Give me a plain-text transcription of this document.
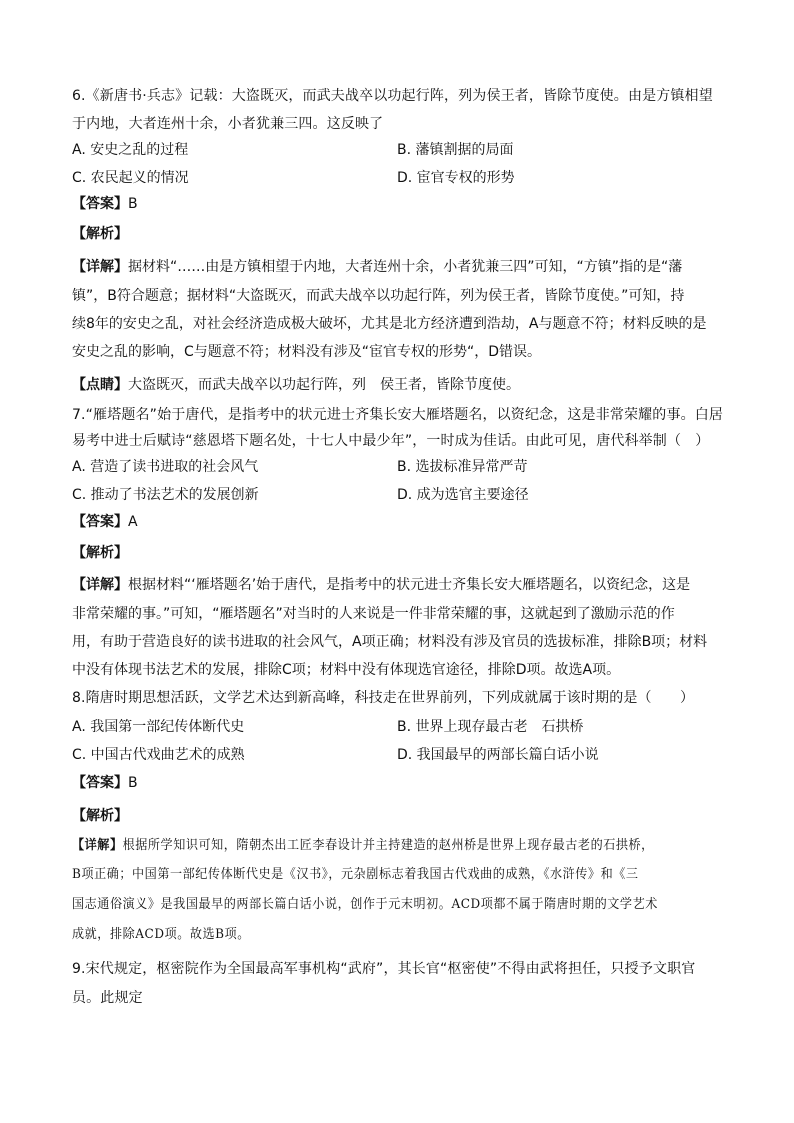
6.《新唐书·兵志》记载：大盗既灭，而武夫战卒以功起行阵，列为侯王者，皆除节度使。由是方镇相望
于内地，大者连州十余，小者犹兼三四。这反映了
A. 安史之乱的过程	B. 藩镇割据的局面
C. 农民起义的情况	D. 宦官专权的形势
【答案】B
【解析】
【详解】据材料“……由是方镇相望于内地，大者连州十余，小者犹兼三四”可知，“方镇”指的是“藩
镇”，B符合题意；据材料“大盗既灭，而武夫战卒以功起行阵，列为侯王者，皆除节度使。”可知，持
续8年的安史之乱，对社会经济造成极大破坏，尤其是北方经济遭到浩劫，A与题意不符；材料反映的是
安史之乱的影响，C与题意不符；材料没有涉及“宦官专权的形势“，D错误。
【点睛】大盗既灭，而武夫战卒以功起行阵，列　侯王者，皆除节度使。
7.“雁塔题名”始于唐代，是指考中的状元进士齐集长安大雁塔题名，以资纪念，这是非常荣耀的事。白居
易考中进士后赋诗“慈恩塔下题名处，十七人中最少年”，一时成为佳话。由此可见，唐代科举制（　）
A. 营造了读书进取的社会风气	B. 选拔标准异常严苛
C. 推动了书法艺术的发展创新	D. 成为选官主要途径
【答案】A
【解析】
【详解】根据材料“‘雁塔题名’始于唐代，是指考中的状元进士齐集长安大雁塔题名，以资纪念，这是
非常荣耀的事。”可知，“雁塔题名”对当时的人来说是一件非常荣耀的事，这就起到了激励示范的作
用，有助于营造良好的读书进取的社会风气，A项正确；材料没有涉及官员的选拔标准，排除B项；材料
中没有体现书法艺术的发展，排除C项；材料中没有体现选官途径，排除D项。故选A项。
8.隋唐时期思想活跃，文学艺术达到新高峰，科技走在世界前列，下列成就属于该时期的是（　　）
A. 我国第一部纪传体断代史	B. 世界上现存最古老　石拱桥
C. 中国古代戏曲艺术的成熟	D. 我国最早的两部长篇白话小说
【答案】B
【解析】
【详解】根据所学知识可知，隋朝杰出工匠李春设计并主持建造的赵州桥是世界上现存最古老的石拱桥，
B项正确；中国第一部纪传体断代史是《汉书》，元杂剧标志着我国古代戏曲的成熟，《水浒传》和《三
国志通俗演义》是我国最早的两部长篇白话小说，创作于元末明初。ACD项都不属于隋唐时期的文学艺术
成就，排除ACD项。故选B项。
9.宋代规定，枢密院作为全国最高军事机构“武府”，其长官“枢密使”不得由武将担任，只授予文职官
员。此规定
